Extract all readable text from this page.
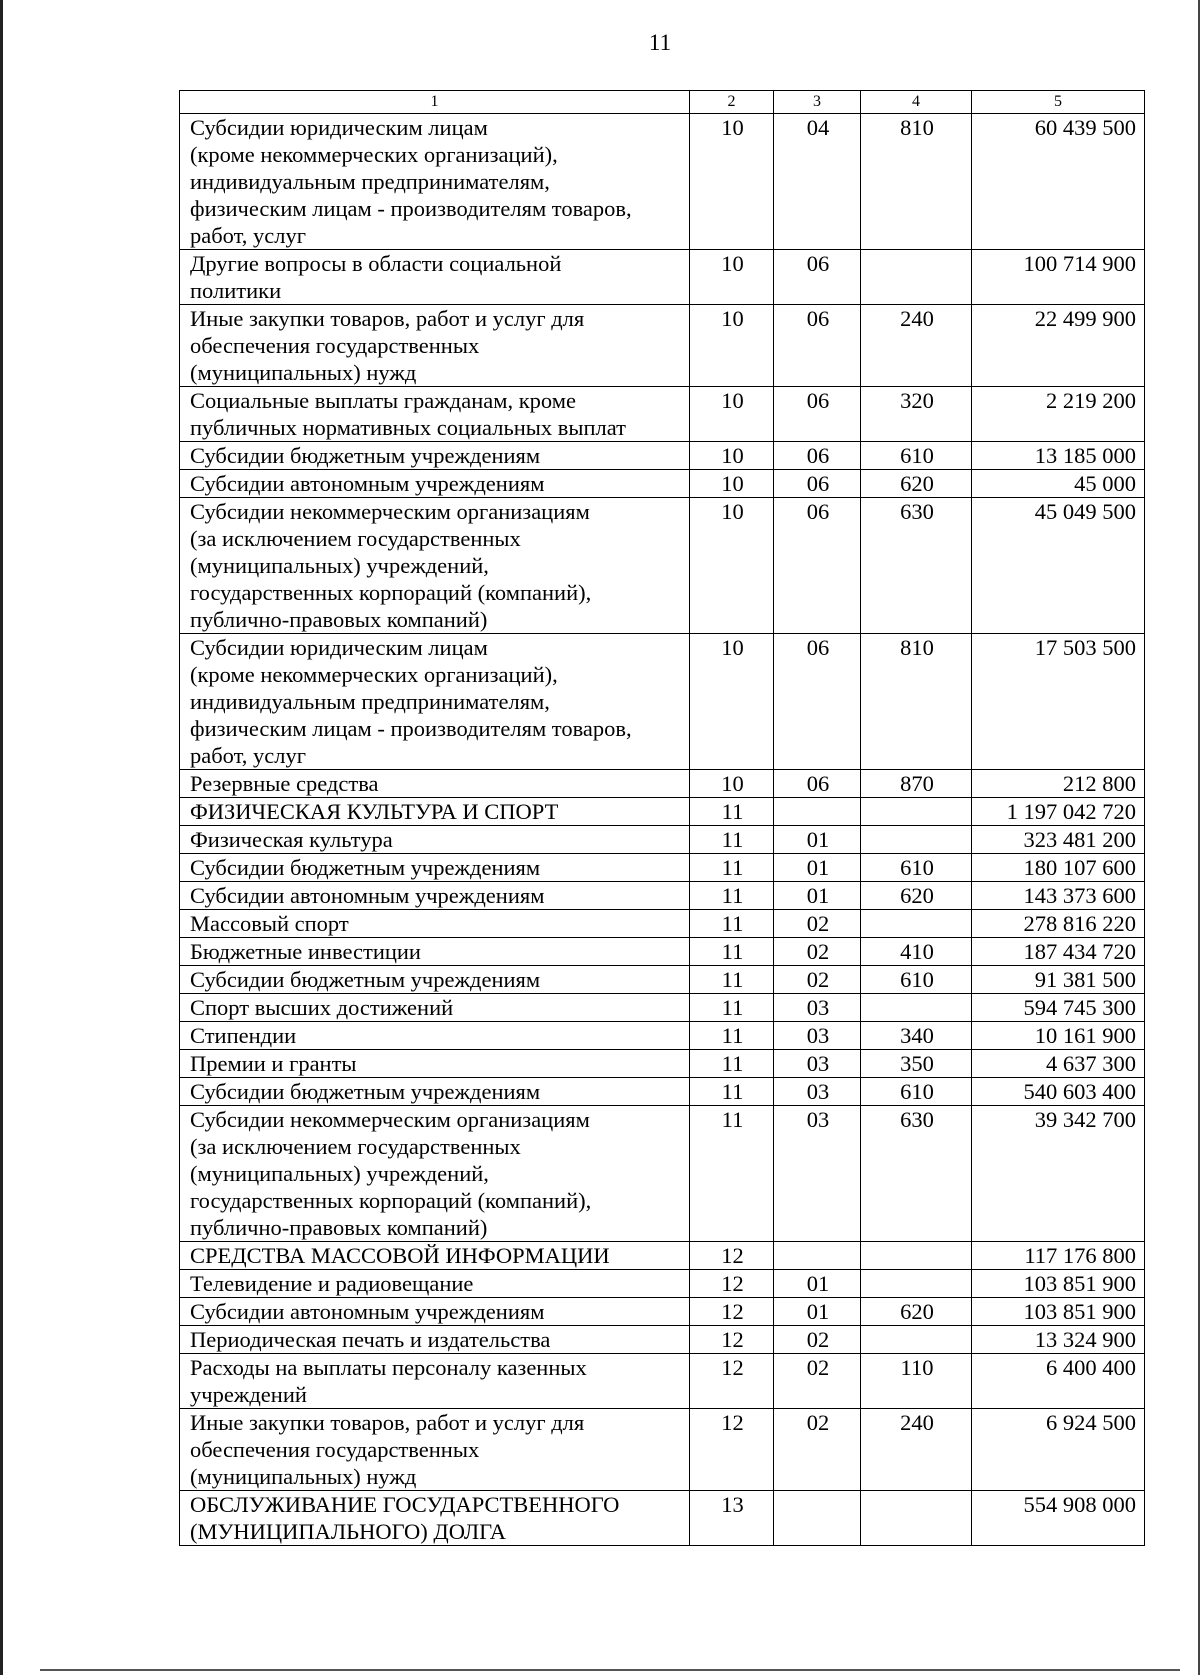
11
1	2	3	4	5
Субсидии юридическим лицам
(кроме некоммерческих организаций),
индивидуальным предпринимателям,
физическим лицам - производителям товаров,
работ, услуг	10	04	810	60 439 500
Другие вопросы в области социальной
политики	10	06		100 714 900
Иные закупки товаров, работ и услуг для
обеспечения государственных
(муниципальных) нужд	10	06	240	22 499 900
Социальные выплаты гражданам, кроме
публичных нормативных социальных выплат	10	06	320	2 219 200
Субсидии бюджетным учреждениям	10	06	610	13 185 000
Субсидии автономным учреждениям	10	06	620	45 000
Субсидии некоммерческим организациям
(за исключением государственных
(муниципальных) учреждений,
государственных корпораций (компаний),
публично-правовых компаний)	10	06	630	45 049 500
Субсидии юридическим лицам
(кроме некоммерческих организаций),
индивидуальным предпринимателям,
физическим лицам - производителям товаров,
работ, услуг	10	06	810	17 503 500
Резервные средства	10	06	870	212 800
ФИЗИЧЕСКАЯ КУЛЬТУРА И СПОРТ	11			1 197 042 720
Физическая культура	11	01		323 481 200
Субсидии бюджетным учреждениям	11	01	610	180 107 600
Субсидии автономным учреждениям	11	01	620	143 373 600
Массовый спорт	11	02		278 816 220
Бюджетные инвестиции	11	02	410	187 434 720
Субсидии бюджетным учреждениям	11	02	610	91 381 500
Спорт высших достижений	11	03		594 745 300
Стипендии	11	03	340	10 161 900
Премии и гранты	11	03	350	4 637 300
Субсидии бюджетным учреждениям	11	03	610	540 603 400
Субсидии некоммерческим организациям
(за исключением государственных
(муниципальных) учреждений,
государственных корпораций (компаний),
публично-правовых компаний)	11	03	630	39 342 700
СРЕДСТВА МАССОВОЙ ИНФОРМАЦИИ	12			117 176 800
Телевидение и радиовещание	12	01		103 851 900
Субсидии автономным учреждениям	12	01	620	103 851 900
Периодическая печать и издательства	12	02		13 324 900
Расходы на выплаты персоналу казенных
учреждений	12	02	110	6 400 400
Иные закупки товаров, работ и услуг для
обеспечения государственных
(муниципальных) нужд	12	02	240	6 924 500
ОБСЛУЖИВАНИЕ ГОСУДАРСТВЕННОГО
(МУНИЦИПАЛЬНОГО) ДОЛГА	13			554 908 000
